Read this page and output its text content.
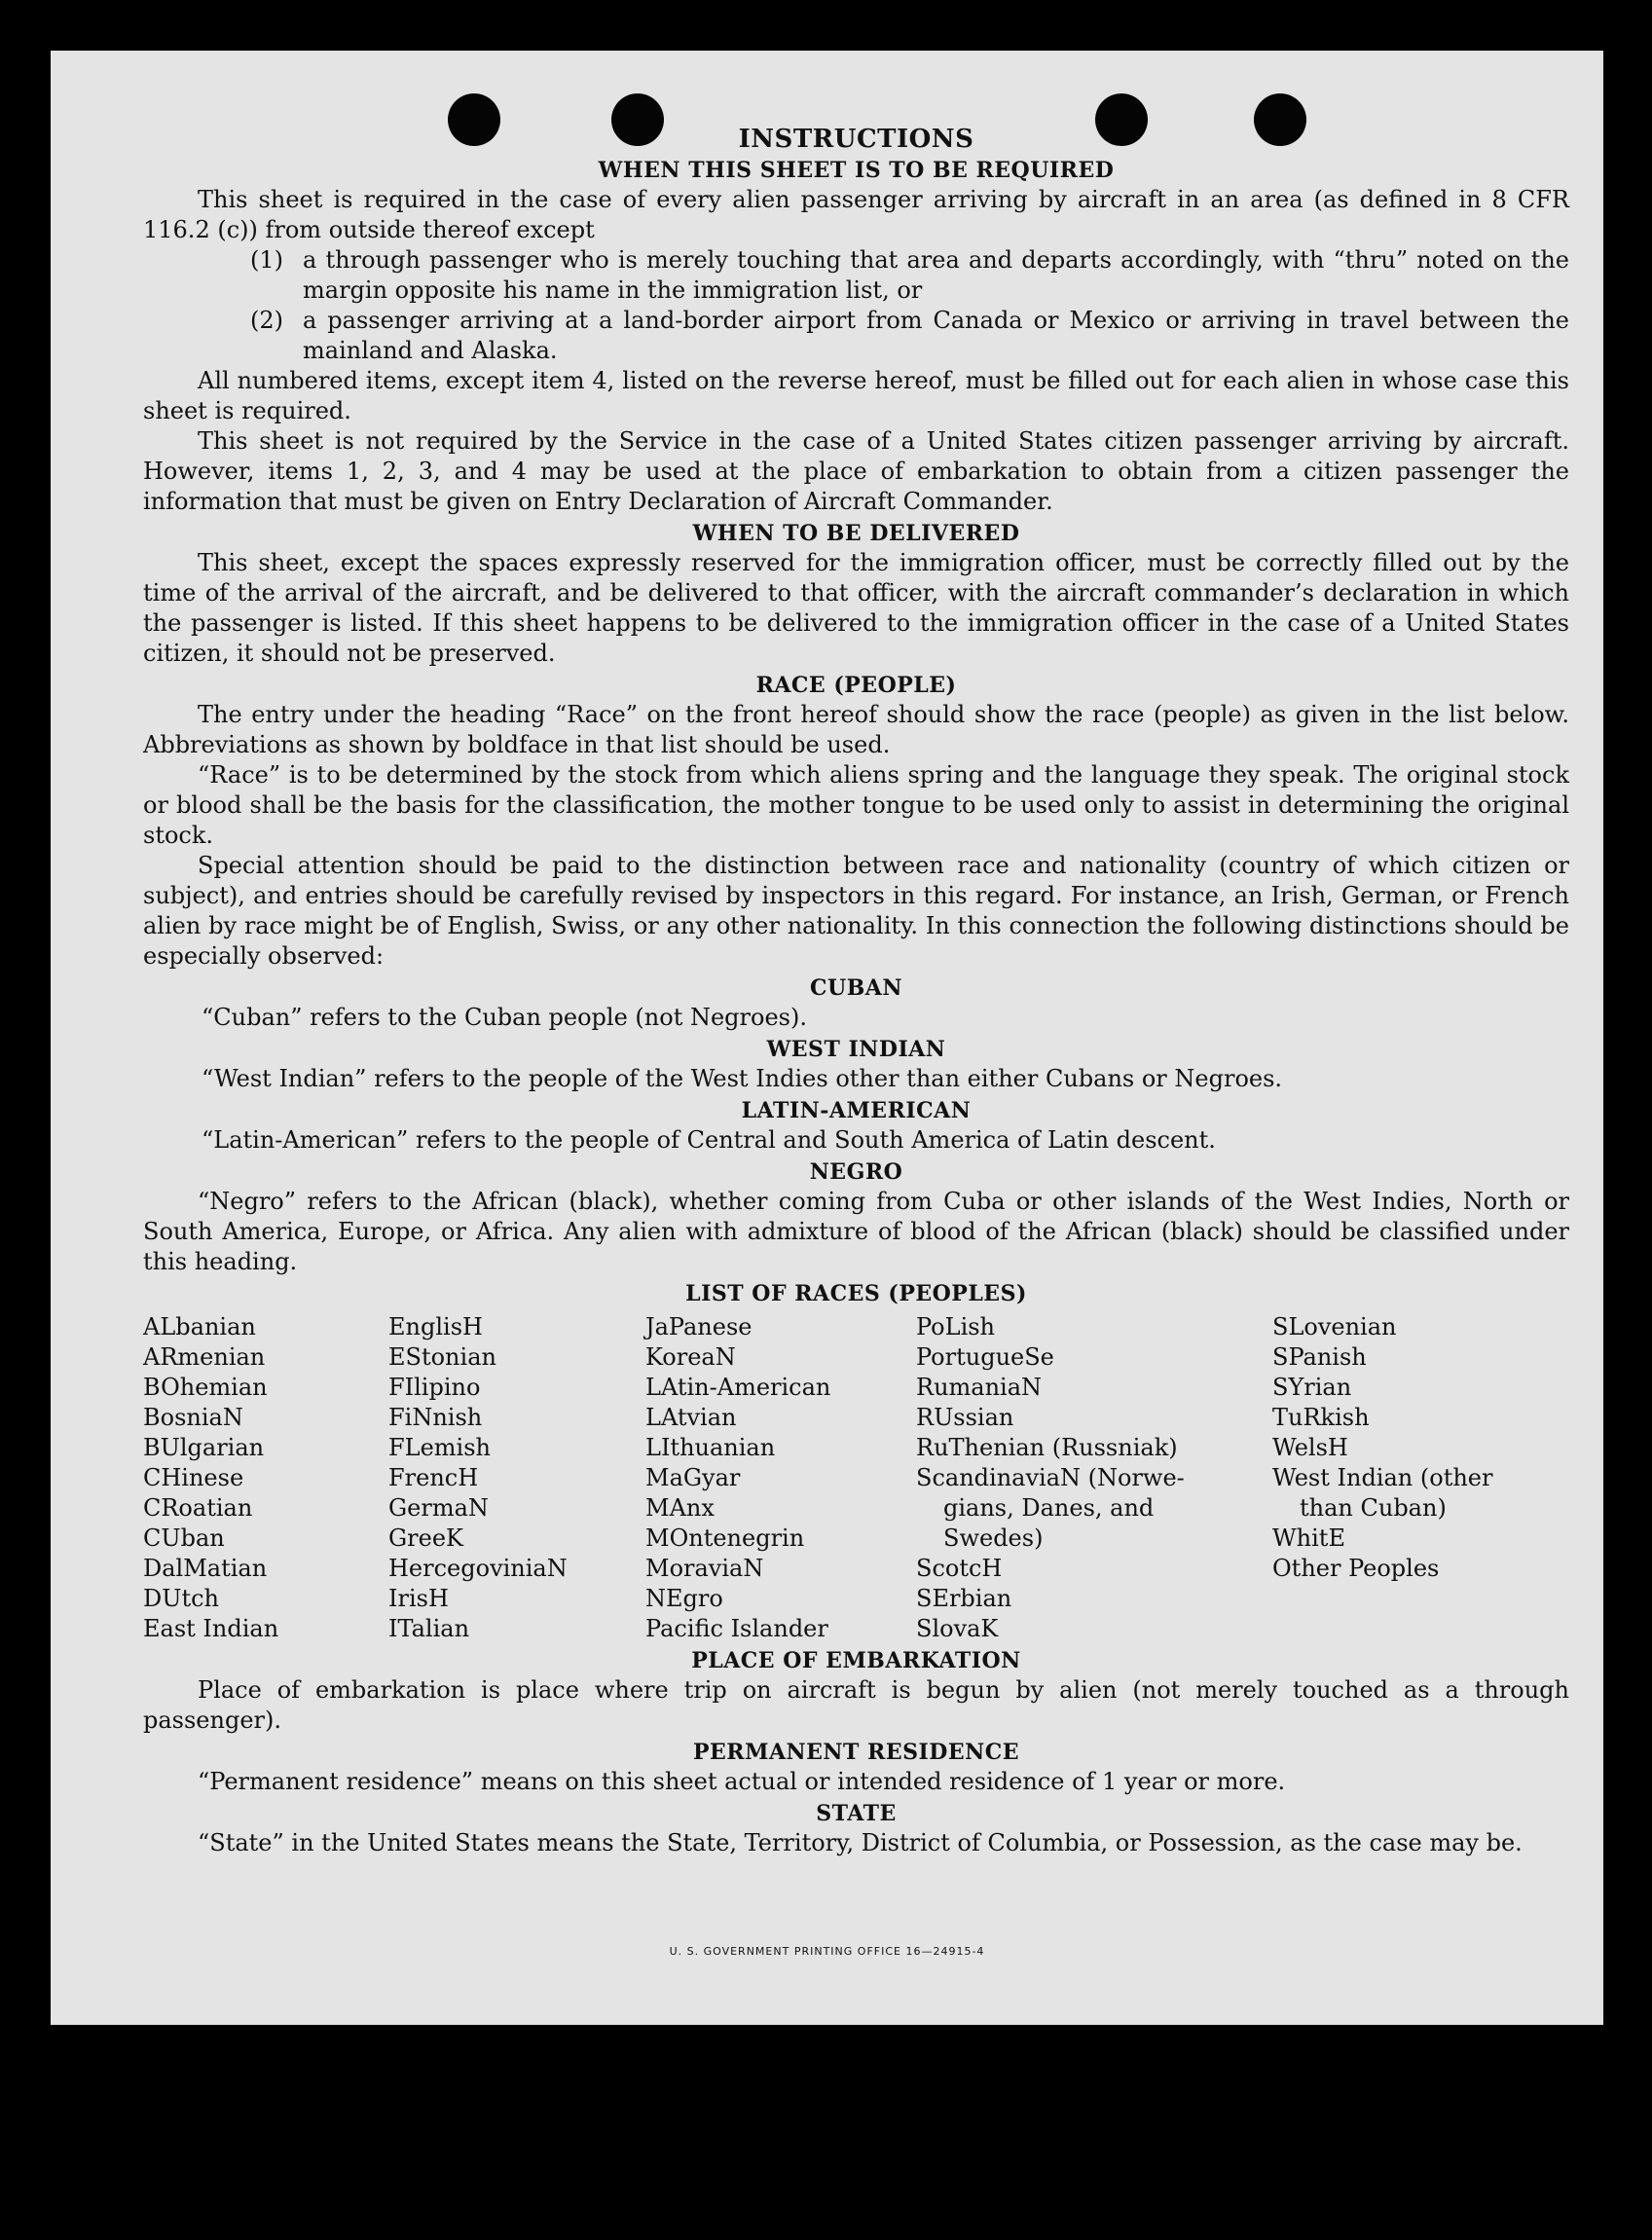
INSTRUCTIONS
WHEN THIS SHEET IS TO BE REQUIRED

This sheet is required in the case of every alien passenger arriving by aircraft in an area (as defined in 8 CFR 116.2 (c)) from outside thereof except

(1) a through passenger who is merely touching that area and departs accordingly, with “thru” noted on the margin opposite his name in the immigration list, or
(2) a passenger arriving at a land-border airport from Canada or Mexico or arriving in travel between the mainland and Alaska.

All numbered items, except item 4, listed on the reverse hereof, must be filled out for each alien in whose case this sheet is required.

This sheet is not required by the Service in the case of a United States citizen passenger arriving by aircraft. However, items 1, 2, 3, and 4 may be used at the place of embarkation to obtain from a citizen passenger the information that must be given on Entry Declaration of Aircraft Commander.

WHEN TO BE DELIVERED

This sheet, except the spaces expressly reserved for the immigration officer, must be correctly filled out by the time of the arrival of the aircraft, and be delivered to that officer, with the aircraft commander’s declaration in which the passenger is listed. If this sheet happens to be delivered to the immigration officer in the case of a United States citizen, it should not be preserved.

RACE (PEOPLE)

The entry under the heading “Race” on the front hereof should show the race (people) as given in the list below. Abbreviations as shown by boldface in that list should be used.

“Race” is to be determined by the stock from which aliens spring and the language they speak. The original stock or blood shall be the basis for the classification, the mother tongue to be used only to assist in determining the original stock.

Special attention should be paid to the distinction between race and nationality (country of which citizen or subject), and entries should be carefully revised by inspectors in this regard. For instance, an Irish, German, or French alien by race might be of English, Swiss, or any other nationality. In this connection the following distinctions should be especially observed:

CUBAN
“Cuban” refers to the Cuban people (not Negroes).
WEST INDIAN
“West Indian” refers to the people of the West Indies other than either Cubans or Negroes.
LATIN-AMERICAN
“Latin-American” refers to the people of Central and South America of Latin descent.
NEGRO

“Negro” refers to the African (black), whether coming from Cuba or other islands of the West Indies, North or South America, Europe, or Africa. Any alien with admixture of blood of the African (black) should be classified under this heading.

LIST OF RACES (PEOPLES)
ALbanian
ARmenian
BOhemian
BosniaN
BUlgarian
CHinese
CRoatian
CUban
DalMatian
DUtch
East Indian
EnglisH
EStonian
FIlipino
FiNnish
FLemish
FrencH
GermaN
GreeK
HercegoviniaN
IrisH
ITalian
JaPanese
KoreaN
LAtin-American
LAtvian
LIthuanian
MaGyar
MAnx
MOntenegrin
MoraviaN
NEgro
Pacific Islander
PoLish
PortugueSe
RumaniaN
RUssian
RuThenian (Russniak)
ScandinaviaN (Norwe-
gians, Danes, and
Swedes)
ScotcH
SErbian
SlovaK
SLovenian
SPanish
SYrian
TuRkish
WelsH
West Indian (other
than Cuban)
WhitE
Other Peoples
PLACE OF EMBARKATION

Place of embarkation is place where trip on aircraft is begun by alien (not merely touched as a through passenger).

PERMANENT RESIDENCE

“Permanent residence” means on this sheet actual or intended residence of 1 year or more.

STATE

“State” in the United States means the State, Territory, District of Columbia, or Possession, as the case may be.

U. S. GOVERNMENT PRINTING OFFICE 16—24915-4
